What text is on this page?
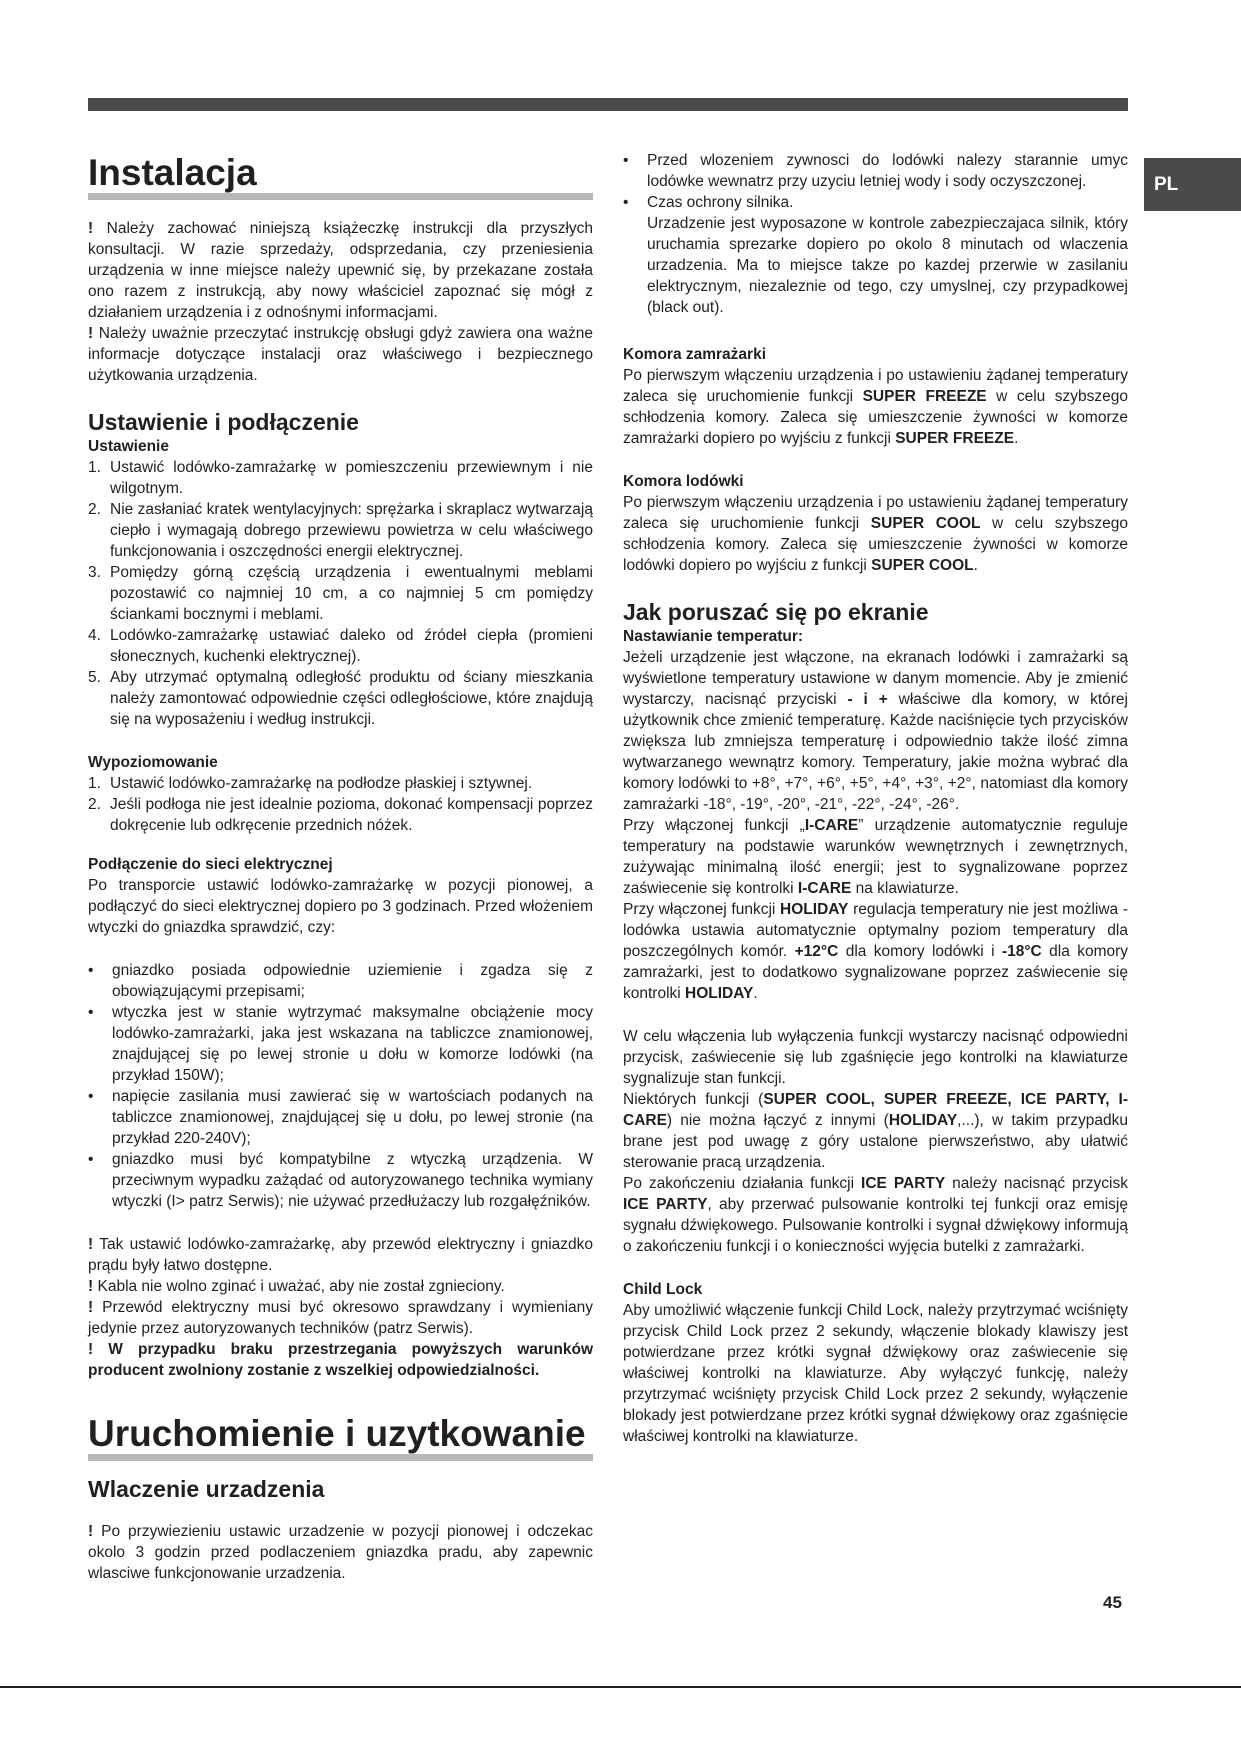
PL
Instalacja

! Należy zachować niniejszą książeczkę instrukcji dla przyszłych konsultacji. W razie sprzedaży, odsprzedania, czy przeniesienia urządzenia w inne miejsce należy upewnić się, by przekazane została ono razem z instrukcją, aby nowy właściciel zapoznać się mógł z działaniem urządzenia i z odnośnymi informacjami.

! Należy uważnie przeczytać instrukcję obsługi gdyż zawiera ona ważne informacje dotyczące instalacji oraz właściwego i bezpiecznego użytkowania urządzenia.

Ustawienie i podłączenie

Ustawienie

1. Ustawić lodówko-zamrażarkę w pomieszczeniu przewiewnym i nie wilgotnym.
2. Nie zasłaniać kratek wentylacyjnych: sprężarka i skraplacz wytwarzają ciepło i wymagają dobrego przewiewu powietrza w celu właściwego funkcjonowania i oszczędności energii elektrycznej.
3. Pomiędzy górną częścią urządzenia i ewentualnymi meblami pozostawić co najmniej 10 cm, a co najmniej 5 cm pomiędzy ściankami bocznymi i meblami.
4. Lodówko-zamrażarkę ustawiać daleko od źródeł ciepła (promieni słonecznych, kuchenki elektrycznej).
5. Aby utrzymać optymalną odległość produktu od ściany mieszkania należy zamontować odpowiednie części odległościowe, które znajdują się na wyposażeniu i według instrukcji.

Wypoziomowanie

1. Ustawić lodówko-zamrażarkę na podłodze płaskiej i sztywnej.
2. Jeśli podłoga nie jest idealnie pozioma, dokonać kompensacji poprzez dokręcenie lub odkręcenie przednich nóżek.

Podłączenie do sieci elektrycznej

Po transporcie ustawić lodówko-zamrażarkę w pozycji pionowej, a podłączyć do sieci elektrycznej dopiero po 3 godzinach. Przed włożeniem wtyczki do gniazdka sprawdzić, czy:

•	gniazdko posiada odpowiednie uziemienie i zgadza się z obowiązującymi przepisami;
•	wtyczka jest w stanie wytrzymać maksymalne obciążenie mocy lodówko-zamrażarki, jaka jest wskazana na tabliczce znamionowej, znajdującej się po lewej stronie u dołu w komorze lodówki (na przykład 150W);
•	napięcie zasilania musi zawierać się w wartościach podanych na tabliczce znamionowej, znajdującej się u dołu, po lewej stronie (na przykład 220-240V);
•	gniazdko musi być kompatybilne z wtyczką urządzenia. W przeciwnym wypadku zażądać od autoryzowanego technika wymiany wtyczki (I> patrz Serwis); nie używać przedłużaczy lub rozgałęźników.

! Tak ustawić lodówko-zamrażarkę, aby przewód elektryczny i gniazdko prądu były łatwo dostępne.

! Kabla nie wolno zginać i uważać, aby nie został zgnieciony.

! Przewód elektryczny musi być okresowo sprawdzany i wymieniany jedynie przez autoryzowanych techników (patrz Serwis).

! W przypadku braku przestrzegania powyższych warunków producent zwolniony zostanie z wszelkiej odpowiedzialności.

Uruchomienie i uzytkowanie
Wlaczenie urzadzenia

! Po przywiezieniu ustawic urzadzenie w pozycji pionowej i odczekac okolo 3 godzin przed podlaczeniem gniazdka pradu, aby zapewnic wlasciwe funkcjonowanie urzadzenia.

•	Przed wlozeniem zywnosci do lodówki nalezy starannie umyc lodówke wewnatrz przy uzyciu letniej wody i sody oczyszczonej.
•	Czas ochrony silnika.
Urzadzenie jest wyposazone w kontrole zabezpieczajaca silnik, który uruchamia sprezarke dopiero po okolo 8 minutach od wlaczenia urzadzenia. Ma to miejsce takze po kazdej przerwie w zasilaniu elektrycznym, niezaleznie od tego, czy umyslnej, czy przypadkowej (black out).

Komora zamrażarki

Po pierwszym włączeniu urządzenia i po ustawieniu żądanej temperatury zaleca się uruchomienie funkcji SUPER FREEZE w celu szybszego schłodzenia komory. Zaleca się umieszczenie żywności w komorze zamrażarki dopiero po wyjściu z funkcji SUPER FREEZE.

Komora lodówki

Po pierwszym włączeniu urządzenia i po ustawieniu żądanej temperatury zaleca się uruchomienie funkcji SUPER COOL w celu szybszego schłodzenia komory. Zaleca się umieszczenie żywności w komorze lodówki dopiero po wyjściu z funkcji SUPER COOL.

Jak poruszać się po ekranie

Nastawianie temperatur:

Jeżeli urządzenie jest włączone, na ekranach lodówki i zamrażarki są wyświetlone temperatury ustawione w danym momencie. Aby je zmienić wystarczy, nacisnąć przyciski - i + właściwe dla komory, w której użytkownik chce zmienić temperaturę. Każde naciśnięcie tych przycisków zwiększa lub zmniejsza temperaturę i odpowiednio także ilość zimna wytwarzanego wewnątrz komory. Temperatury, jakie można wybrać dla komory lodówki to +8°, +7°, +6°, +5°, +4°, +3°, +2°, natomiast dla komory zamrażarki -18°, -19°, -20°, -21°, -22°, -24°, -26°.

Przy włączonej funkcji „I-CARE” urządzenie automatycznie reguluje temperatury na podstawie warunków wewnętrznych i zewnętrznych, zużywając minimalną ilość energii; jest to sygnalizowane poprzez zaświecenie się kontrolki I-CARE na klawiaturze.

Przy włączonej funkcji HOLIDAY regulacja temperatury nie jest możliwa - lodówka ustawia automatycznie optymalny poziom temperatury dla poszczególnych komór. +12°C dla komory lodówki i -18°C dla komory zamrażarki, jest to dodatkowo sygnalizowane poprzez zaświecenie się kontrolki HOLIDAY.

W celu włączenia lub wyłączenia funkcji wystarczy nacisnąć odpowiedni przycisk, zaświecenie się lub zgaśnięcie jego kontrolki na klawiaturze sygnalizuje stan funkcji.

Niektórych funkcji (SUPER COOL, SUPER FREEZE, ICE PARTY, I-CARE) nie można łączyć z innymi (HOLIDAY,...), w takim przypadku brane jest pod uwagę z góry ustalone pierwszeństwo, aby ułatwić sterowanie pracą urządzenia.

Po zakończeniu działania funkcji ICE PARTY należy nacisnąć przycisk ICE PARTY, aby przerwać pulsowanie kontrolki tej funkcji oraz emisję sygnału dźwiękowego. Pulsowanie kontrolki i sygnał dźwiękowy informują o zakończeniu funkcji i o konieczności wyjęcia butelki z zamrażarki.

Child Lock

Aby umożliwić włączenie funkcji Child Lock, należy przytrzymać wciśnięty przycisk Child Lock przez 2 sekundy, włączenie blokady klawiszy jest potwierdzane przez krótki sygnał dźwiękowy oraz zaświecenie się właściwej kontrolki na klawiaturze. Aby wyłączyć funkcję, należy przytrzymać wciśnięty przycisk Child Lock przez 2 sekundy, wyłączenie blokady jest potwierdzane przez krótki sygnał dźwiękowy oraz zgaśnięcie właściwej kontrolki na klawiaturze.

45
